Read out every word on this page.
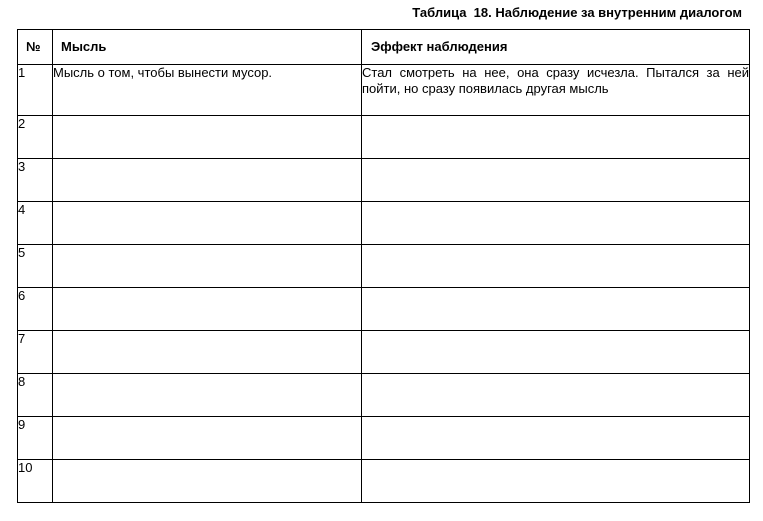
Таблица  18. Наблюдение за внутренним диалогом
№	Мысль	Эффект наблюдения
1	Мысль о том, чтобы вынести мусор.	Стал смотреть на нее, она сразу исчезла. Пытался за ней пойти, но сразу появилась другая мысль
2		
3		
4		
5		
6		
7		
8		
9		
10		
